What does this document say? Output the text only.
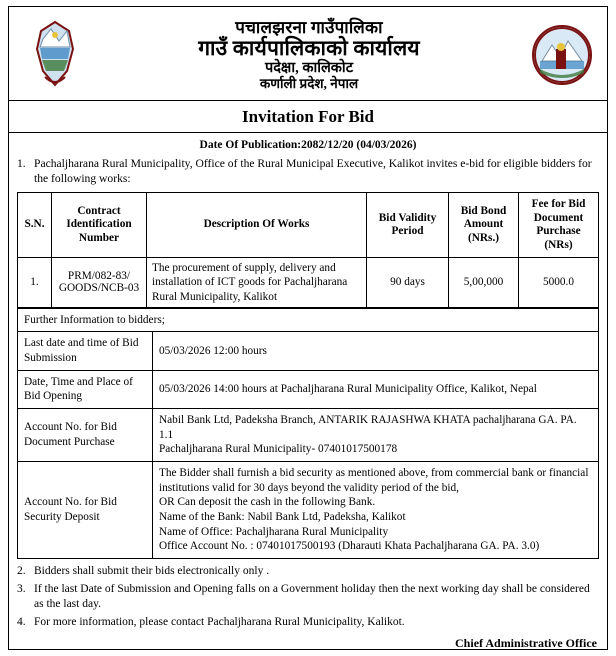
पचालझरना गाउँपालिका
गाउँ कार्यपालिकाको कार्यालय
पदेक्षा, कालिकोट
कर्णाली प्रदेश, नेपाल
Invitation For Bid
Date Of Publication:2082/12/20 (04/03/2026)
1. Pachaljharana Rural Municipality, Office of the Rural Municipal Executive, Kalikot invites e-bid for eligible bidders for the following works:
S.N.	Contract Identification Number	Description Of Works	Bid Validity Period	Bid Bond Amount (NRs.)	Fee for Bid Document Purchase (NRs)
1.	PRM/082-83/ GOODS/NCB-03	The procurement of supply, delivery and installation of ICT goods for Pachaljharana Rural Municipality, Kalikot	90 days	5,00,000	5000.0
Further Information to bidders;	
Last date and time of Bid Submission	05/03/2026 12:00 hours
Date, Time and Place of Bid Opening	05/03/2026 14:00 hours at Pachaljharana Rural Municipality Office, Kalikot, Nepal
Account No. for Bid Document Purchase	Nabil Bank Ltd, Padeksha Branch, ANTARIK RAJASHWA KHATA pachaljharana GA. PA. 1.1
Pachaljharana Rural Municipality- 07401017500178

Account No. for Bid Security Deposit	The Bidder shall furnish a bid security as mentioned above, from commercial bank or financial institutions valid for 30 days beyond the validity period of the bid,
OR Can deposit the cash in the following Bank.
Name of the Bank: Nabil Bank Ltd, Padeksha, Kalikot
Name of Office: Pachaljharana Rural Municipality
Office Account No. : 07401017500193 (Dharauti Khata Pachaljharana GA. PA. 3.0)
2. Bidders shall submit their bids electronically only .
3. If the last Date of Submission and Opening falls on a Government holiday then the next working day shall be considered as the last day.
4. For more information, please contact Pachaljharana Rural Municipality, Kalikot.
Chief Administrative Office
